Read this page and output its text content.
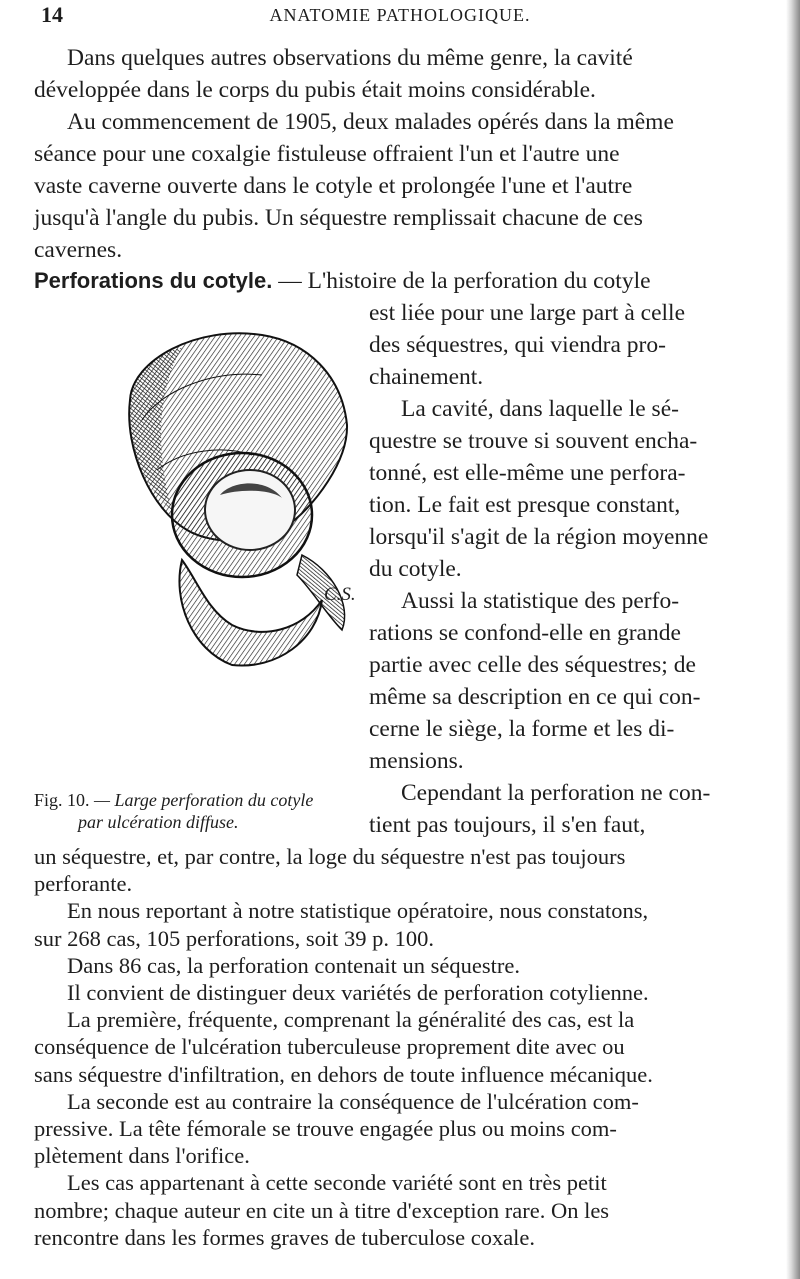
14	ANATOMIE PATHOLOGIQUE.
Dans quelques autres observations du même genre, la cavité
développée dans le corps du pubis était moins considérable.
Au commencement de 1905, deux malades opérés dans la même
séance pour une coxalgie fistuleuse offraient l'un et l'autre une
vaste caverne ouverte dans le cotyle et prolongée l'une et l'autre
jusqu'à l'angle du pubis. Un séquestre remplissait chacune de ces
cavernes.
Perforations du cotyle. — L'histoire de la perforation du cotyle
est liée pour une large part à celle
des séquestres, qui viendra pro-
chainement.
La cavité, dans laquelle le sé-
questre se trouve si souvent encha-
tonné, est elle-même une perfora-
tion. Le fait est presque constant,
lorsqu'il s'agit de la région moyenne
du cotyle.
Aussi la statistique des perfo-
rations se confond-elle en grande
partie avec celle des séquestres; de
même sa description en ce qui con-
cerne le siège, la forme et les di-
mensions.
Cependant la perforation ne con-
tient pas toujours, il s'en faut,
C.S.
Fig. 10. — Large perforation du cotyle
par ulcération diffuse.
un séquestre, et, par contre, la loge du séquestre n'est pas toujours
perforante.
En nous reportant à notre statistique opératoire, nous constatons,
sur 268 cas, 105 perforations, soit 39 p. 100.
Dans 86 cas, la perforation contenait un séquestre.
Il convient de distinguer deux variétés de perforation cotylienne.
La première, fréquente, comprenant la généralité des cas, est la
conséquence de l'ulcération tuberculeuse proprement dite avec ou
sans séquestre d'infiltration, en dehors de toute influence mécanique.
La seconde est au contraire la conséquence de l'ulcération com-
pressive. La tête fémorale se trouve engagée plus ou moins com-
plètement dans l'orifice.
Les cas appartenant à cette seconde variété sont en très petit
nombre; chaque auteur en cite un à titre d'exception rare. On les
rencontre dans les formes graves de tuberculose coxale.
